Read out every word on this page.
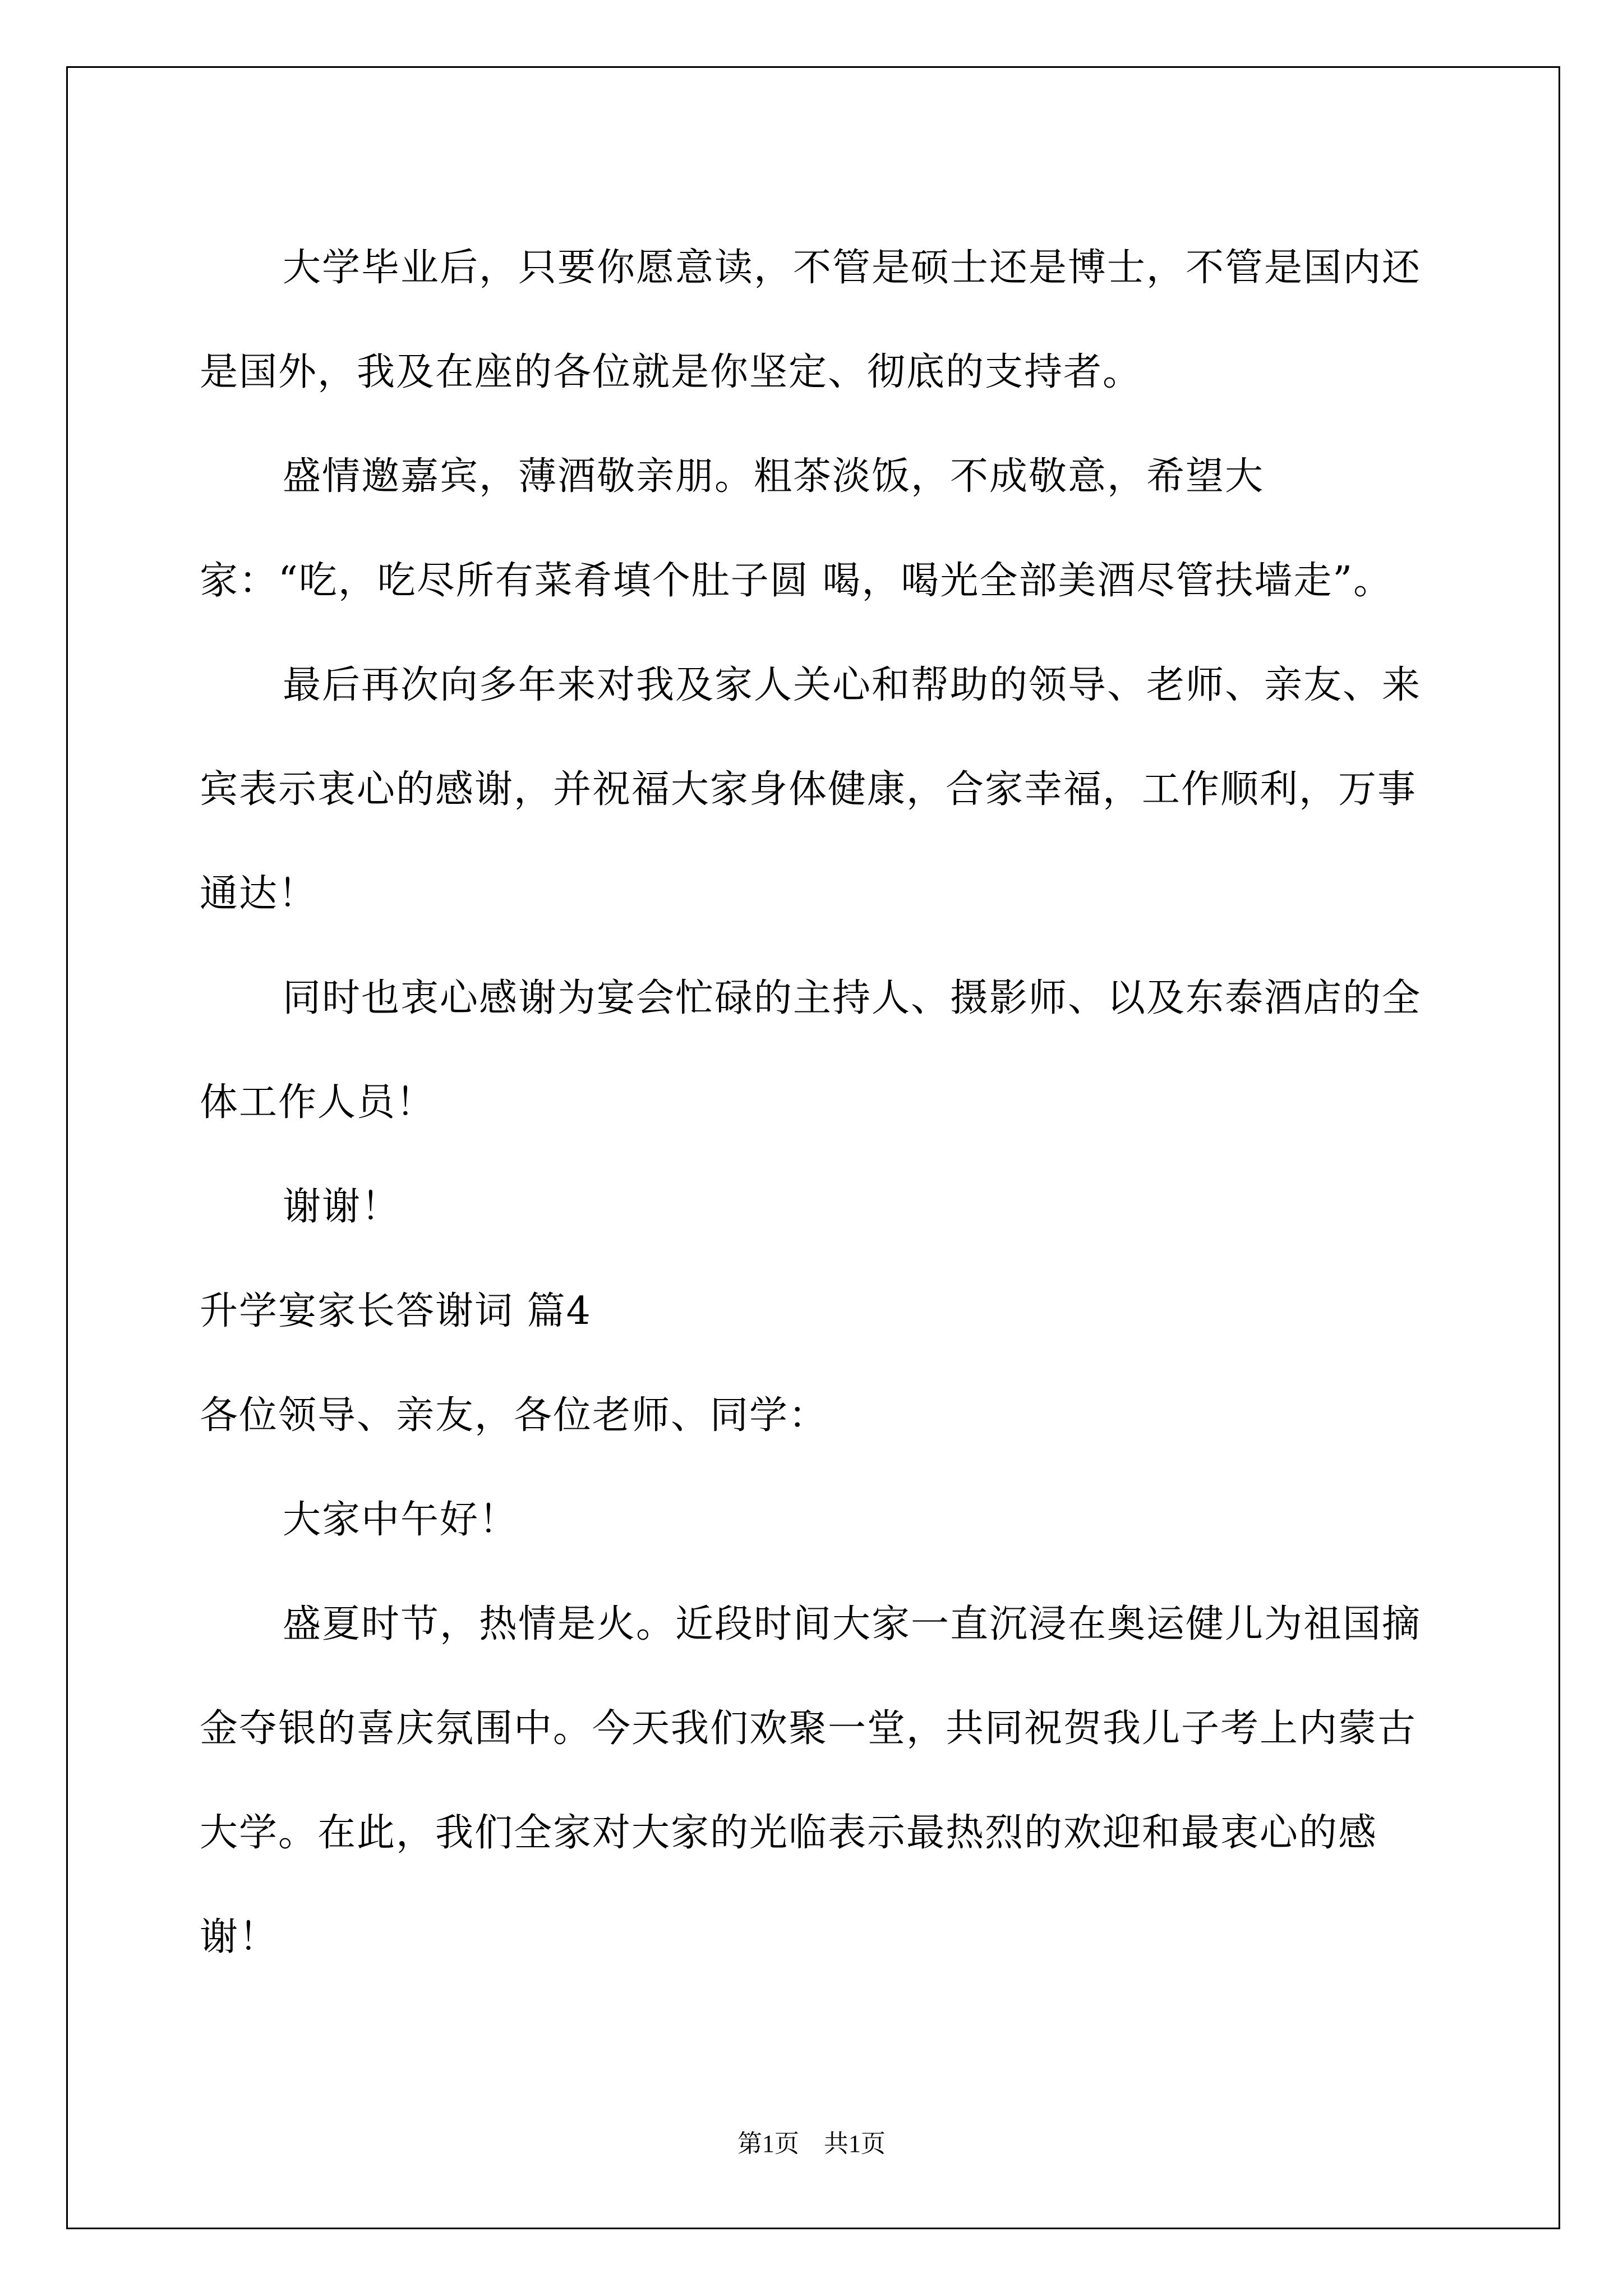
大学毕业后，只要你愿意读，不管是硕士还是博士，不管是国内还是国外，我及在座的各位就是你坚定、彻底的支持者。

盛情邀嘉宾，薄酒敬亲朋。粗茶淡饭，不成敬意，希望大家：“吃，吃尽所有菜肴填个肚子圆 喝，喝光全部美酒尽管扶墙走”。

最后再次向多年来对我及家人关心和帮助的领导、老师、亲友、来宾表示衷心的感谢，并祝福大家身体健康，合家幸福，工作顺利，万事通达！

同时也衷心感谢为宴会忙碌的主持人、摄影师、以及东泰酒店的全体工作人员！

谢谢！

升学宴家长答谢词 篇4

各位领导、亲友，各位老师、同学：

大家中午好！

盛夏时节，热情是火。近段时间大家一直沉浸在奥运健儿为祖国摘金夺银的喜庆氛围中。今天我们欢聚一堂，共同祝贺我儿子考上内蒙古大学。在此，我们全家对大家的光临表示最热烈的欢迎和最衷心的感谢！

第1页 共1页
